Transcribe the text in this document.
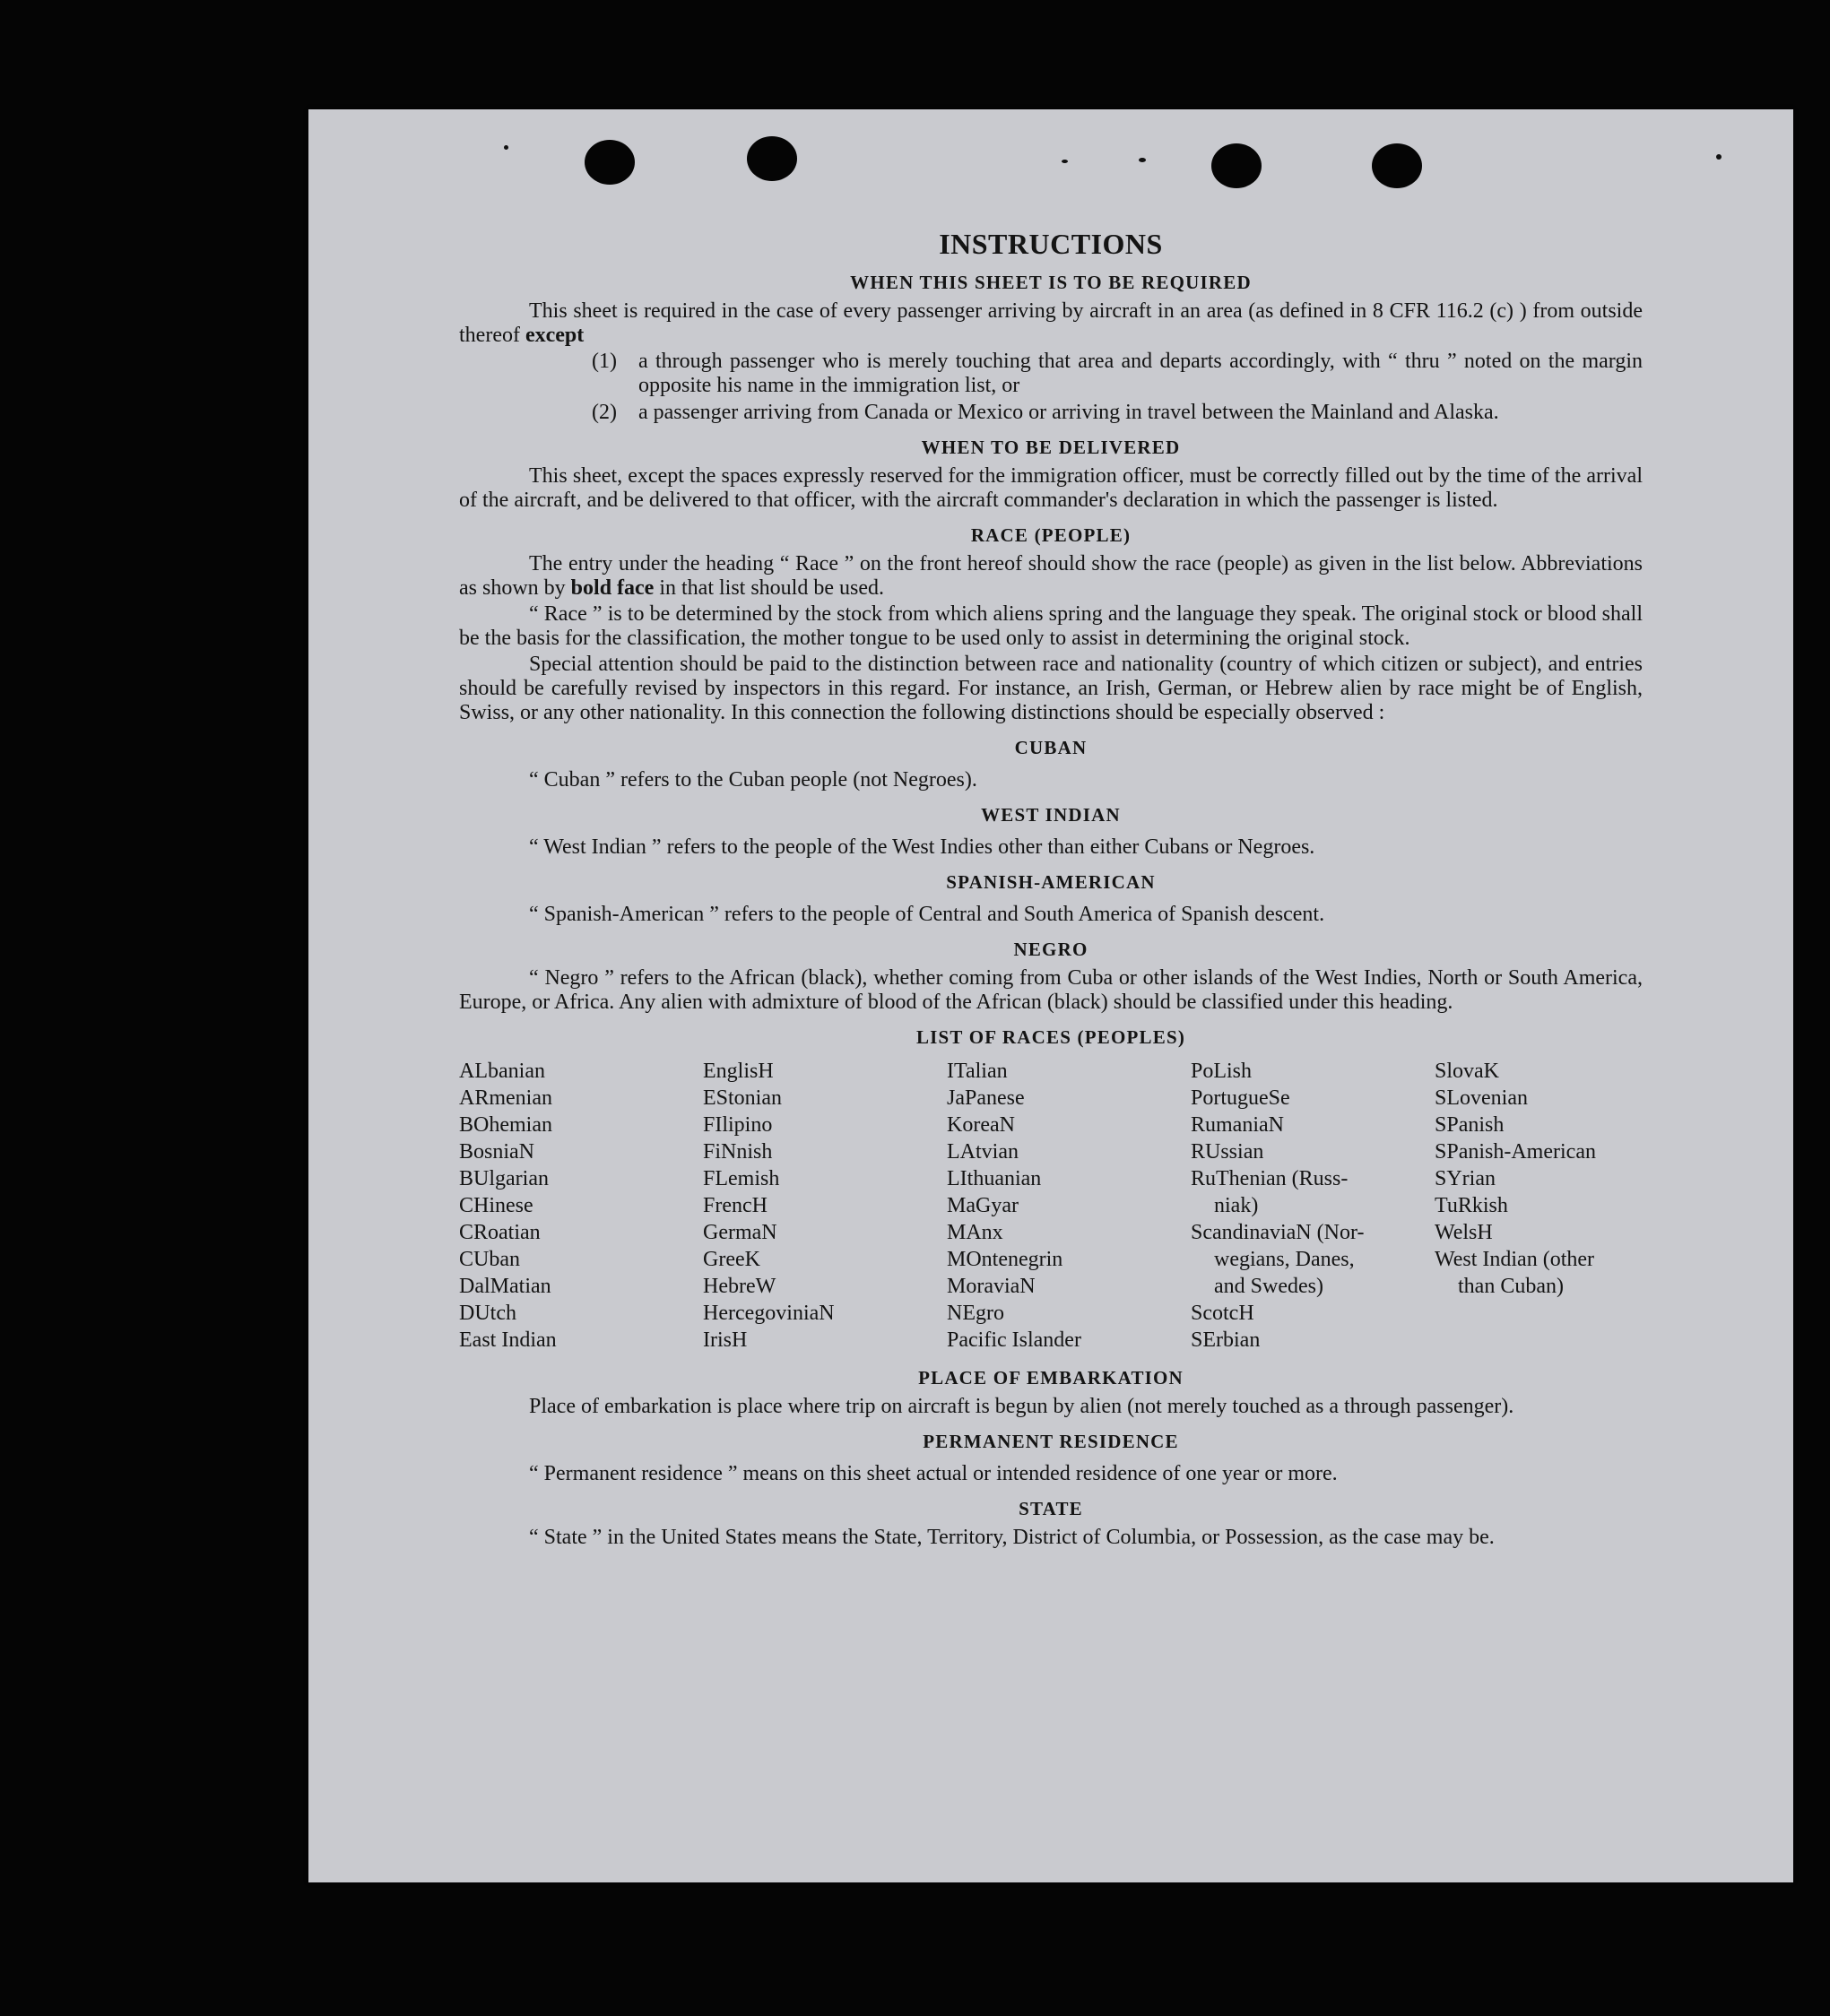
INSTRUCTIONS
WHEN THIS SHEET IS TO BE REQUIRED

This sheet is required in the case of every passenger arriving by aircraft in an area (as defined in 8 CFR 116.2 (c) ) from outside thereof except

(1) a through passenger who is merely touching that area and departs accordingly, with “ thru ” noted on the margin opposite his name in the immigration list, or
(2) a passenger arriving from Canada or Mexico or arriving in travel between the Mainland and Alaska.
WHEN TO BE DELIVERED

This sheet, except the spaces expressly reserved for the immigration officer, must be correctly filled out by the time of the arrival of the aircraft, and be delivered to that officer, with the aircraft commander's declaration in which the passenger is listed.

RACE (PEOPLE)

The entry under the heading “ Race ” on the front hereof should show the race (people) as given in the list below. Abbreviations as shown by bold face in that list should be used.

“ Race ” is to be determined by the stock from which aliens spring and the language they speak. The original stock or blood shall be the basis for the classification, the mother tongue to be used only to assist in determining the original stock.

Special attention should be paid to the distinction between race and nationality (country of which citizen or subject), and entries should be carefully revised by inspectors in this regard. For instance, an Irish, German, or Hebrew alien by race might be of English, Swiss, or any other nationality. In this connection the following distinctions should be especially observed :

CUBAN
“ Cuban ” refers to the Cuban people (not Negroes).
WEST INDIAN
“ West Indian ” refers to the people of the West Indies other than either Cubans or Negroes.
SPANISH-AMERICAN
“ Spanish-American ” refers to the people of Central and South America of Spanish descent.
NEGRO

“ Negro ” refers to the African (black), whether coming from Cuba or other islands of the West Indies, North or South America, Europe, or Africa. Any alien with admixture of blood of the African (black) should be classified under this heading.

LIST OF RACES (PEOPLES)
ALbanian
ARmenian
BOhemian
BosniaN
BUlgarian
CHinese
CRoatian
CUban
DalMatian
DUtch
East Indian
EnglisH
EStonian
FIlipino
FiNnish
FLemish
FrencH
GermaN
GreeK
HebreW
HercegoviniaN
IrisH
ITalian
JaPanese
KoreaN
LAtvian
LIthuanian
MaGyar
MAnx
MOntenegrin
MoraviaN
NEgro
Pacific Islander
PoLish
PortugueSe
RumaniaN
RUssian
RuThenian (Russ-
niak)
ScandinaviaN (Nor-
wegians, Danes,
and Swedes)
ScotcH
SErbian
SlovaK
SLovenian
SPanish
SPanish-American
SYrian
TuRkish
WelsH
West Indian (other
than Cuban)
PLACE OF EMBARKATION

Place of embarkation is place where trip on aircraft is begun by alien (not merely touched as a through passenger).

PERMANENT RESIDENCE
“ Permanent residence ” means on this sheet actual or intended residence of one year or more.
STATE

“ State ” in the United States means the State, Territory, District of Columbia, or Possession, as the case may be.
